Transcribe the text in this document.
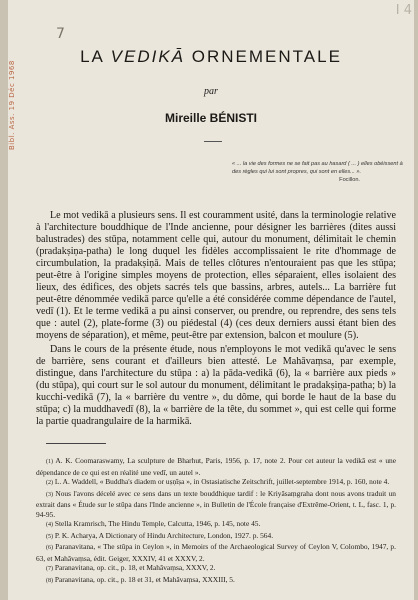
Bibl. Ass. 19 Déc 1968
I 4
7
LA VEDIKĀ ORNEMENTALE
par
Mireille BÉNISTI
« ... la vie des formes ne se fait pas au hasard ( ... ) elles obéissent à des règles qui lui sont propres, qui sont en elles... ».
Focillon.

Le mot vedikā a plusieurs sens. Il est couramment usité, dans la terminologie relative à l'architecture bouddhique de l'Inde ancienne, pour désigner les barrières (dites aussi balustrades) des stūpa, notamment celle qui, autour du monument, délimitait le chemin (pradakṣiṇa-patha) le long duquel les fidèles accomplissaient le rite d'hommage de circumbulation, la pradakṣiṇā. Mais de telles clôtures n'entouraient pas que les stūpa; peut-être à l'origine simples moyens de protection, elles séparaient, elles isolaient des lieux, des édifices, des objets sacrés tels que bassins, arbres, autels... La barrière fut peut-être dénommée vedikā parce qu'elle a été considérée comme dépendance de l'autel, vedī (1). Et le terme vedikā a pu ainsi conserver, ou prendre, ou reprendre, des sens tels que : autel (2), plate-forme (3) ou piédestal (4) (ces deux derniers aussi étant bien des moyens de séparation), et même, peut-être par extension, balcon et moulure (5).

Dans le cours de la présente étude, nous n'employons le mot vedikā qu'avec le sens de barrière, sens courant et d'ailleurs bien attesté. Le Mahāvaṃsa, par exemple, distingue, dans l'architecture du stūpa : a) la pāda-vedikā (6), la « barrière aux pieds » (du stūpa), qui court sur le sol autour du monument, délimitant le pradakṣiṇa-patha; b) la kucchi-vedikā (7), la « barrière du ventre », du dôme, qui borde le haut de la base du stūpa; c) la muddhavedī (8), la « barrière de la tête, du sommet », qui est celle qui forme la partie quadrangulaire de la harmikā.

(1) A. K. Coomaraswamy, La sculpture de Bharhut, Paris, 1956, p. 17, note 2. Pour cet auteur la vedikā est « une dépendance de ce qui est en réalité une vedī, un autel ».
(2) L. A. Waddell, « Buddha's diadem or uṣṇīṣa », in Ostasiatische Zeitschrift, juillet-septembre 1914, p. 160, note 4.
(3) Nous l'avons décelé avec ce sens dans un texte bouddhique tardif : le Kriyāsaṃgraha dont nous avons traduit un extrait dans « Étude sur le stūpa dans l'Inde ancienne », in Bulletin de l'École française d'Extrême-Orient, t. L, fasc. 1, p. 94-95.
(4) Stella Kramrisch, The Hindu Temple, Calcutta, 1946, p. 145, note 45.
(5) P. K. Acharya, A Dictionary of Hindu Architecture, London, 1927. p. 564.
(6) Paranavitana, « The stūpa in Ceylon », in Memoirs of the Archaeological Survey of Ceylon V, Colombo, 1947, p. 63, et Mahāvaṃsa, édit. Geiger, XXXIV, 41 et XXXV, 2.
(7) Paranavitana, op. cit., p. 18, et Mahāvaṃsa, XXXV, 2.
(8) Paranavitana, op. cit., p. 18 et 31, et Mahāvaṃsa, XXXIII, 5.
